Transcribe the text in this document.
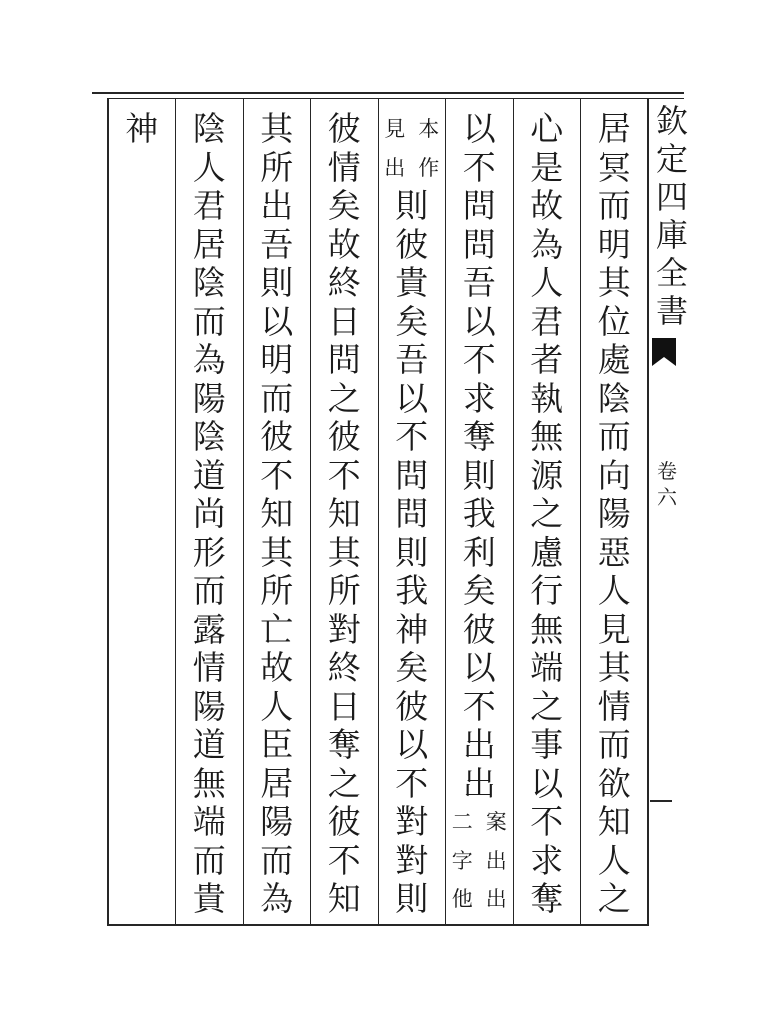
欽
定
四
庫
全
書
卷
六
居
冥
而
明
其
位
處
陰
而
向
陽
惡
人
見
其
情
而
欲
知
人
之
心
是
故
為
人
君
者
執
無
源
之
慮
行
無
端
之
事
以
不
求
奪
以
不
問
問
吾
以
不
求
奪
則
我
利
矣
彼
以
不
出
出
案
出
出
二
字
他
本
作
見
出
則
彼
貴
矣
吾
以
不
問
問
則
我
神
矣
彼
以
不
對
對
則
彼
情
矣
故
終
日
問
之
彼
不
知
其
所
對
終
日
奪
之
彼
不
知
其
所
出
吾
則
以
明
而
彼
不
知
其
所
亡
故
人
臣
居
陽
而
為
陰
人
君
居
陰
而
為
陽
陰
道
尚
形
而
露
情
陽
道
無
端
而
貴
神
